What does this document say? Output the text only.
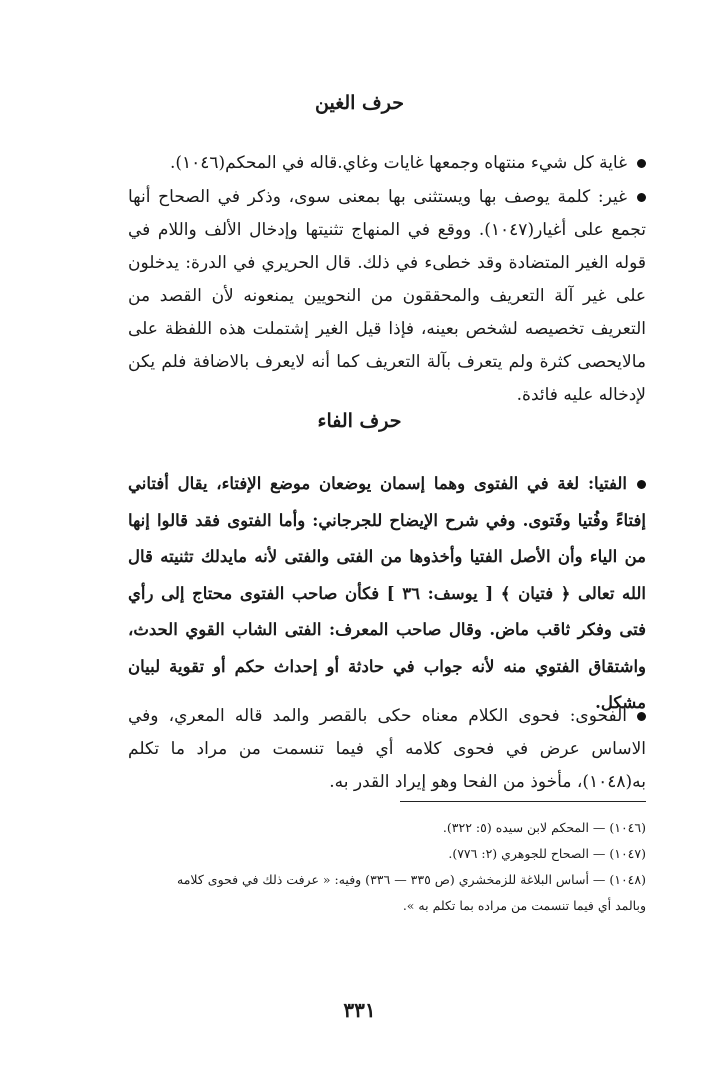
حرف الغين
غاية كل شيء منتهاه وجمعها غايات وغاي.قاله في المحكم(١٠٤٦).
غير: كلمة يوصف بها ويستثنى بها بمعنى سوى، وذكر في الصحاح أنها تجمع على أغيار(١٠٤٧). ووقع في المنهاج تثنيتها وإدخال الألف واللام في قوله الغير المتضادة وقد خطىء في ذلك. قال الحريري في الدرة: يدخلون على غير آلة التعريف والمحققون من النحويين يمنعونه لأن القصد من التعريف تخصيصه لشخص بعينه، فإذا قيل الغير إشتملت هذه اللفظة على مالايحصى كثرة ولم يتعرف بآلة التعريف كما أنه لايعرف بالاضافة فلم يكن لإدخاله عليه فائدة.
حرف الفاء
الفتيا: لغة في الفتوى وهما إسمان يوضعان موضع الإفتاء، يقال أفتاني إفتاءً وفُتيا وفَتوى. وفي شرح الإيضاح للجرجاني: وأما الفتوى فقد قالوا إنها من الياء وأن الأصل الفتيا وأخذوها من الفتى والفتى لأنه مايدلك تثنيته قال الله تعالى ﴿ فتيان ﴾ [ يوسف: ٣٦ ] فكأن صاحب الفتوى محتاج إلى رأي فتى وفكر ثاقب ماض. وقال صاحب المعرف: الفتى الشاب القوي الحدث، واشتقاق الفتوي منه لأنه جواب في حادثة أو إحداث حكم أو تقوية لبيان مشكل.
الفحوى: فحوى الكلام معناه حكى بالقصر والمد قاله المعري، وفي الاساس عرض في فحوى كلامه أي فيما تنسمت من مراد ما تكلم به(١٠٤٨)، مأخوذ من الفحا وهو إيراد القدر به.
(١٠٤٦) — المحكم لابن سيده (٥: ٣٢٢).
(١٠٤٧) — الصحاح للجوهري (٢: ٧٧٦).
(١٠٤٨) — أساس البلاغة للزمخشري (ص ٣٣٥ — ٣٣٦) وفيه: « عرفت ذلك في فحوى كلامه
وبالمد أي فيما تنسمت من مراده بما تكلم به ».
٣٣١
